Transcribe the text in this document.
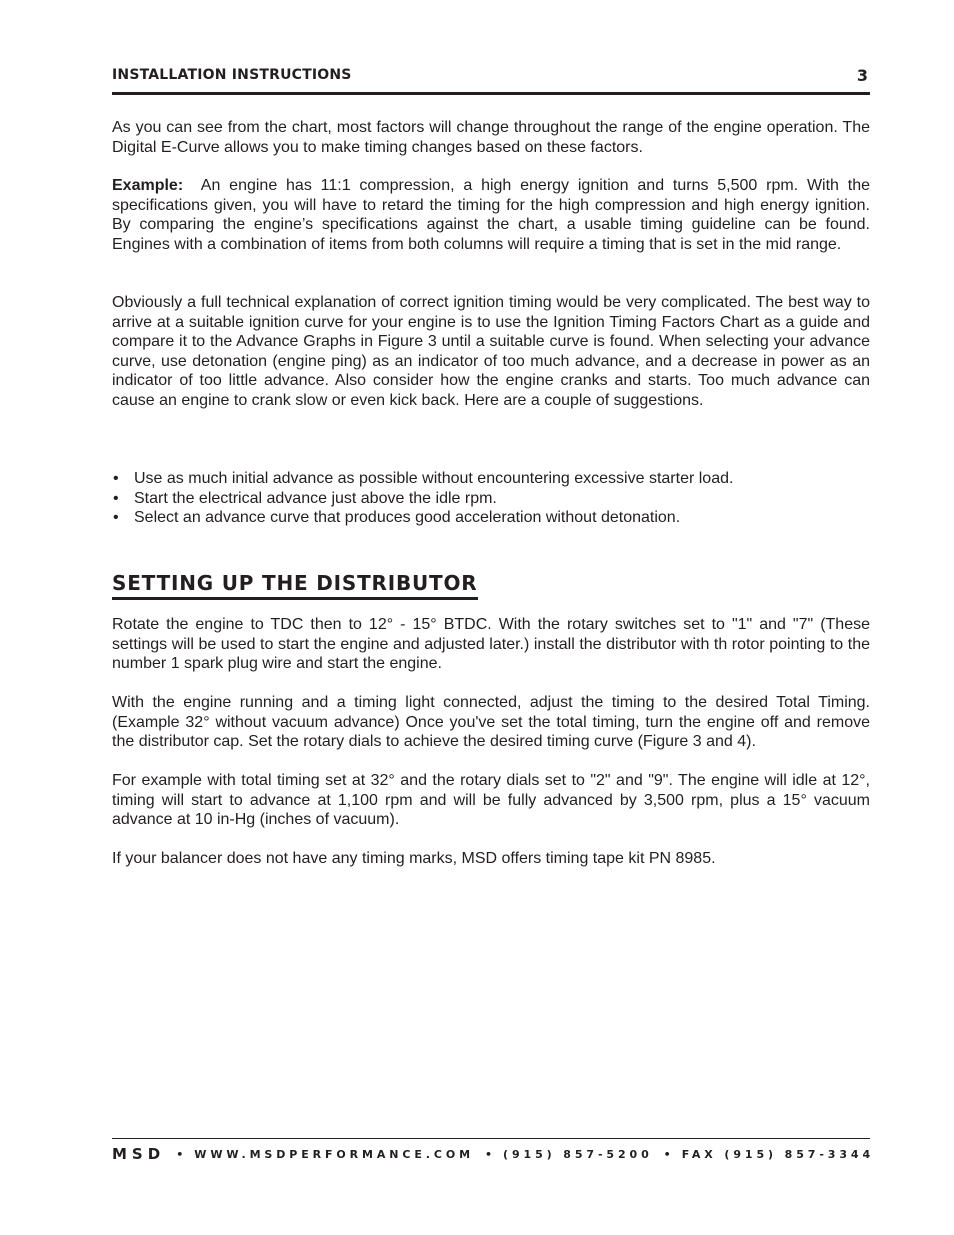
INSTALLATION INSTRUCTIONS	3

As you can see from the chart, most factors will change throughout the range of the engine operation. The Digital E-Curve allows you to make timing changes based on these factors.

Example: An engine has 11:1 compression, a high energy ignition and turns 5,500 rpm. With the specifications given, you will have to retard the timing for the high compression and high energy ignition. By comparing the engine’s specifications against the chart, a usable timing guideline can be found. Engines with a combination of items from both columns will require a timing that is set in the mid range.

Obviously a full technical explanation of correct ignition timing would be very complicated. The best way to arrive at a suitable ignition curve for your engine is to use the Ignition Timing Factors Chart as a guide and compare it to the Advance Graphs in Figure 3 until a suitable curve is found. When selecting your advance curve, use detonation (engine ping) as an indicator of too much advance, and a decrease in power as an indicator of too little advance. Also consider how the engine cranks and starts. Too much advance can cause an engine to crank slow or even kick back. Here are a couple of suggestions.

• Use as much initial advance as possible without encountering excessive starter load.
• Start the electrical advance just above the idle rpm.
• Select an advance curve that produces good acceleration without detonation.
SETTING UP THE DISTRIBUTOR

Rotate the engine to TDC then to 12° - 15° BTDC. With the rotary switches set to "1" and "7" (These settings will be used to start the engine and adjusted later.) install the distributor with th rotor pointing to the number 1 spark plug wire and start the engine.

With the engine running and a timing light connected, adjust the timing to the desired Total Timing. (Example 32° without vacuum advance) Once you've set the total timing, turn the engine off and remove the distributor cap. Set the rotary dials to achieve the desired timing curve (Figure 3 and 4).

For example with total timing set at 32° and the rotary dials set to "2" and "9". The engine will idle at 12°, timing will start to advance at 1,100 rpm and will be fully advanced by 3,500 rpm, plus a 15° vacuum advance at 10 in-Hg (inches of vacuum).

If your balancer does not have any timing marks, MSD offers timing tape kit PN 8985.

MSD • WWW.MSDPERFORMANCE.COM • (915) 857-5200 • FAX (915) 857-3344
